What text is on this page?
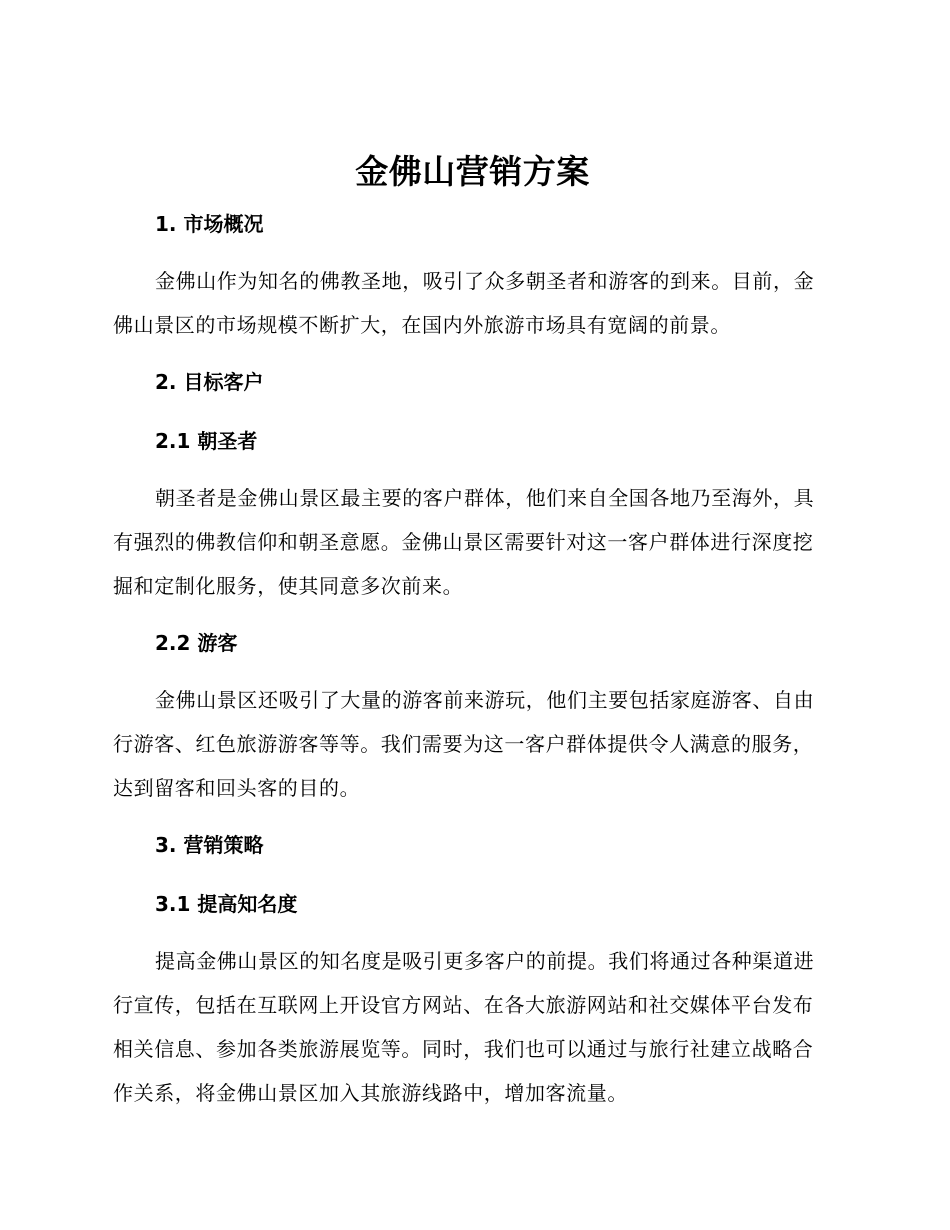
金佛山营销方案
1. 市场概况

金佛山作为知名的佛教圣地，吸引了众多朝圣者和游客的到来。目前，金佛山景区的市场规模不断扩大，在国内外旅游市场具有宽阔的前景。

2. 目标客户
2.1 朝圣者

朝圣者是金佛山景区最主要的客户群体，他们来自全国各地乃至海外，具有强烈的佛教信仰和朝圣意愿。金佛山景区需要针对这一客户群体进行深度挖掘和定制化服务，使其同意多次前来。

2.2 游客

金佛山景区还吸引了大量的游客前来游玩，他们主要包括家庭游客、自由行游客、红色旅游游客等等。我们需要为这一客户群体提供令人满意的服务，达到留客和回头客的目的。

3. 营销策略
3.1 提高知名度

提高金佛山景区的知名度是吸引更多客户的前提。我们将通过各种渠道进行宣传，包括在互联网上开设官方网站、在各大旅游网站和社交媒体平台发布相关信息、参加各类旅游展览等。同时，我们也可以通过与旅行社建立战略合作关系，将金佛山景区加入其旅游线路中，增加客流量。
